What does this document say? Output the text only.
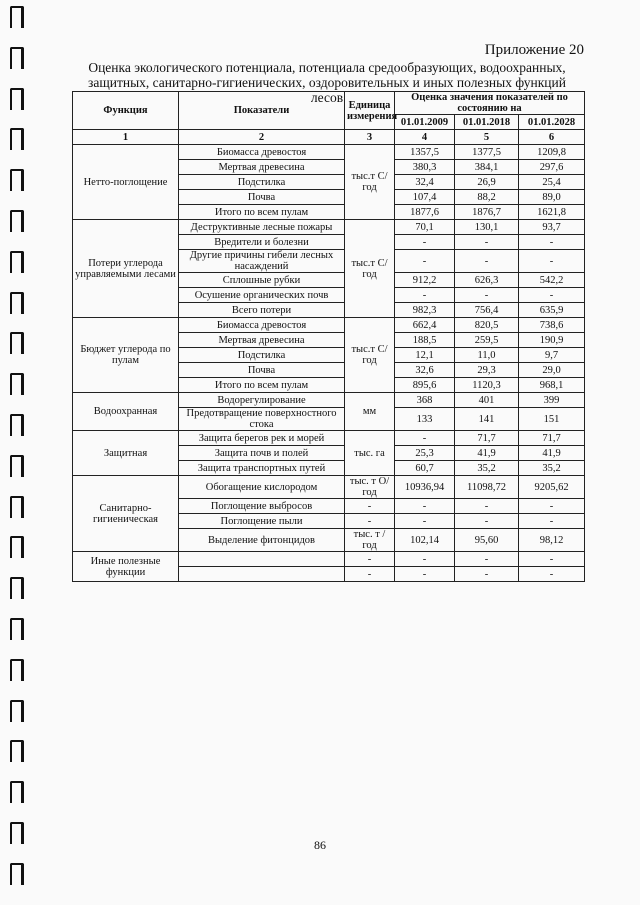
Приложение 20
Оценка экологического потенциала, потенциала средообразующих, водоохранных,
защитных, санитарно-гигиенических, оздоровительных и иных полезных функций лесов
Функция	Показатели	Единица измерения	Оценка значения показателей по состоянию на		
			01.01.2009	01.01.2018	01.01.2028
1	2	3	4	5	6
Нетто-поглощение	Биомасса древостоя	тыс.т С/год	1357,5	1377,5	1209,8
	Мертвая древесина		380,3	384,1	297,6
	Подстилка		32,4	26,9	25,4
	Почва		107,4	88,2	89,0
	Итого по всем пулам		1877,6	1876,7	1621,8
Потери углерода управляемыми лесами	Деструктивные лесные пожары	тыс.т С/год	70,1	130,1	93,7
	Вредители и болезни		-	-	-
	Другие причины гибели лесных насаждений		-	-	-
	Сплошные рубки		912,2	626,3	542,2
	Осушение органических почв		-	-	-
	Всего потери		982,3	756,4	635,9
Бюджет углерода по пулам	Биомасса древостоя	тыс.т С/год	662,4	820,5	738,6
	Мертвая древесина		188,5	259,5	190,9
	Подстилка		12,1	11,0	9,7
	Почва		32,6	29,3	29,0
	Итого по всем пулам		895,6	1120,3	968,1
Водоохранная	Водорегулирование	мм	368	401	399
	Предотвращение поверхностного стока		133	141	151
Защитная	Защита берегов рек и морей	тыс. га	-	71,7	71,7
	Защита почв и полей		25,3	41,9	41,9
	Защита транспортных путей		60,7	35,2	35,2
Санитарно-гигиеническая	Обогащение кислородом	тыс. т О/год	10936,94	11098,72	9205,62
	Поглощение выбросов	-	-	-	-
	Поглощение пыли	-	-	-	-
	Выделение фитонцидов	тыс. т /год	102,14	95,60	98,12
Иные полезные функции		-	-	-	-
		-	-	-	-
86
